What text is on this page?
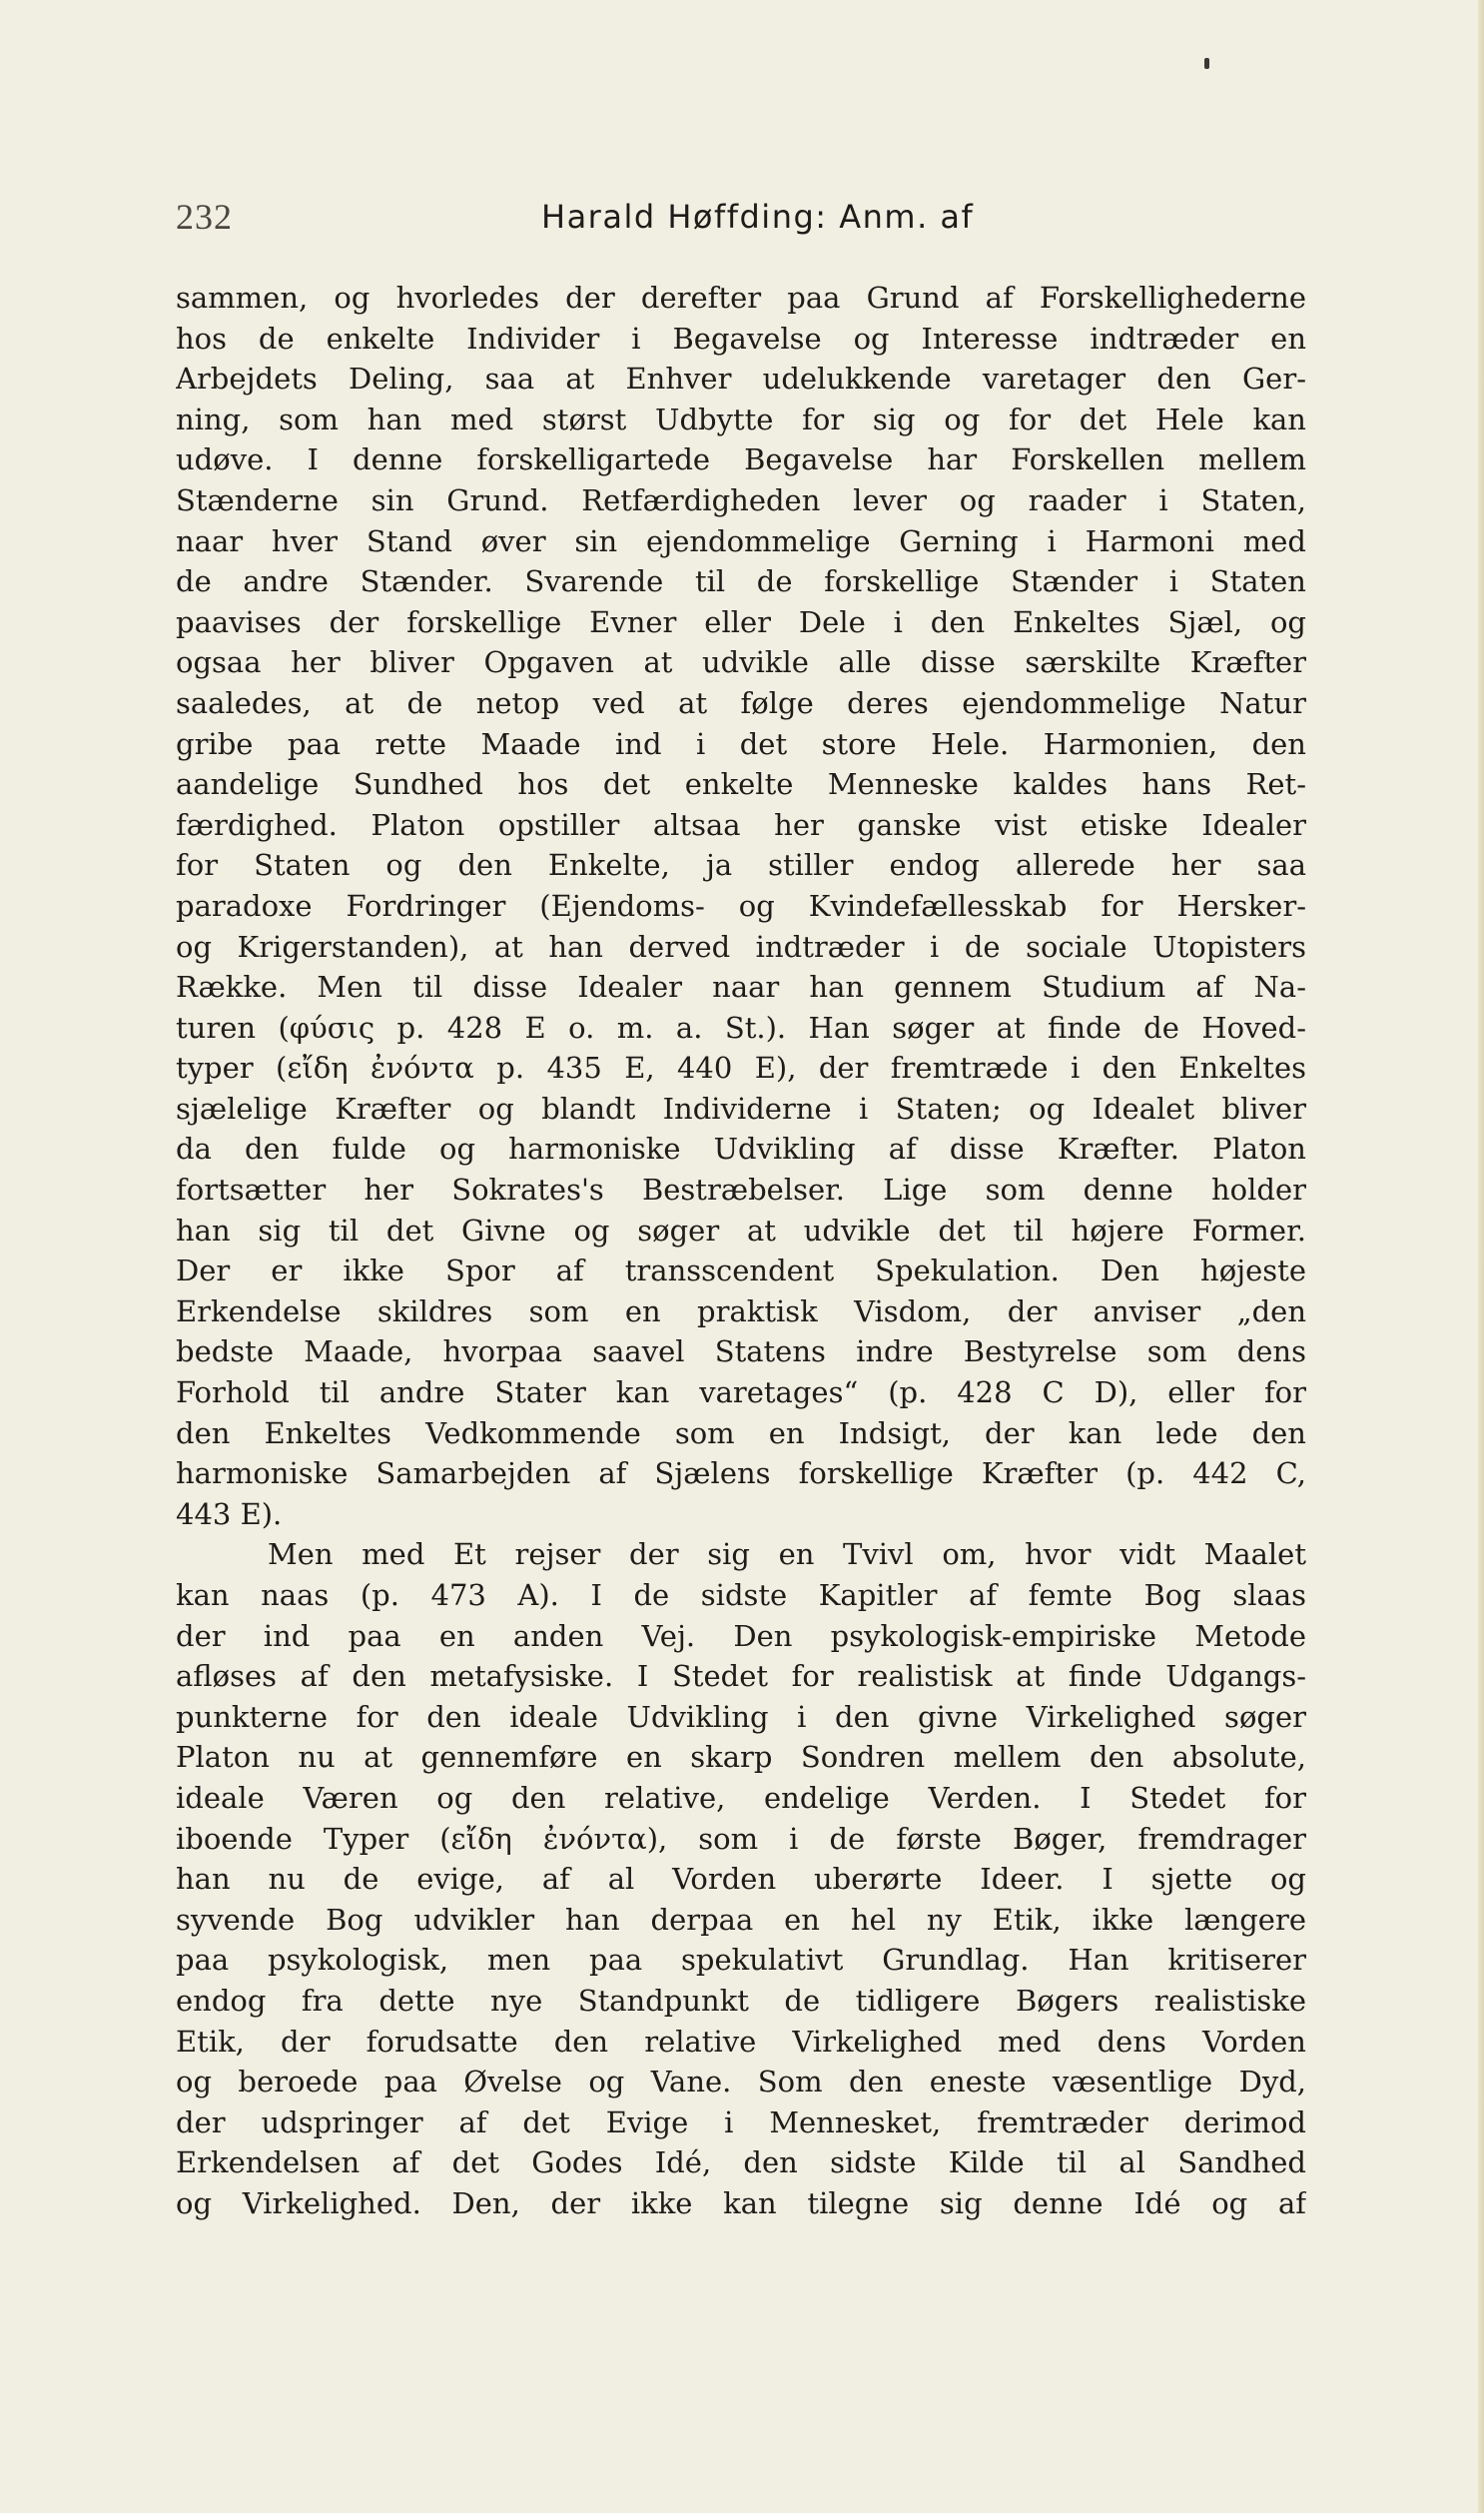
232	Harald Høffding: Anm. af
sammen, og hvorledes der derefter paa Grund af Forskellighederne
hos de enkelte Individer i Begavelse og Interesse indtræder en
Arbejdets Deling, saa at Enhver udelukkende varetager den Ger-
ning, som han med størst Udbytte for sig og for det Hele kan
udøve. I denne forskelligartede Begavelse har Forskellen mellem
Stænderne sin Grund. Retfærdigheden lever og raader i Staten,
naar hver Stand øver sin ejendommelige Gerning i Harmoni med
de andre Stænder. Svarende til de forskellige Stænder i Staten
paavises der forskellige Evner eller Dele i den Enkeltes Sjæl, og
ogsaa her bliver Opgaven at udvikle alle disse særskilte Kræfter
saaledes, at de netop ved at følge deres ejendommelige Natur
gribe paa rette Maade ind i det store Hele. Harmonien, den
aandelige Sundhed hos det enkelte Menneske kaldes hans Ret-
færdighed. Platon opstiller altsaa her ganske vist etiske Idealer
for Staten og den Enkelte, ja stiller endog allerede her saa
paradoxe Fordringer (Ejendoms- og Kvindefællesskab for Hersker-
og Krigerstanden), at han derved indtræder i de sociale Utopisters
Række. Men til disse Idealer naar han gennem Studium af Na-
turen (φύσις p. 428 E o. m. a. St.). Han søger at finde de Hoved-
typer (εἴδη ἐνόντα p. 435 E, 440 E), der fremtræde i den Enkeltes
sjælelige Kræfter og blandt Individerne i Staten; og Idealet bliver
da den fulde og harmoniske Udvikling af disse Kræfter. Platon
fortsætter her Sokrates's Bestræbelser. Lige som denne holder
han sig til det Givne og søger at udvikle det til højere Former.
Der er ikke Spor af transscendent Spekulation. Den højeste
Erkendelse skildres som en praktisk Visdom, der anviser „den
bedste Maade, hvorpaa saavel Statens indre Bestyrelse som dens
Forhold til andre Stater kan varetages“ (p. 428 C D), eller for
den Enkeltes Vedkommende som en Indsigt, der kan lede den
harmoniske Samarbejden af Sjælens forskellige Kræfter (p. 442 C,
443 E).
Men med Et rejser der sig en Tvivl om, hvor vidt Maalet
kan naas (p. 473 A). I de sidste Kapitler af femte Bog slaas
der ind paa en anden Vej. Den psykologisk-empiriske Metode
afløses af den metafysiske. I Stedet for realistisk at finde Udgangs-
punkterne for den ideale Udvikling i den givne Virkelighed søger
Platon nu at gennemføre en skarp Sondren mellem den absolute,
ideale Væren og den relative, endelige Verden. I Stedet for
iboende Typer (εἴδη ἐνόντα), som i de første Bøger, fremdrager
han nu de evige, af al Vorden uberørte Ideer. I sjette og
syvende Bog udvikler han derpaa en hel ny Etik, ikke længere
paa psykologisk, men paa spekulativt Grundlag. Han kritiserer
endog fra dette nye Standpunkt de tidligere Bøgers realistiske
Etik, der forudsatte den relative Virkelighed med dens Vorden
og beroede paa Øvelse og Vane. Som den eneste væsentlige Dyd,
der udspringer af det Evige i Mennesket, fremtræder derimod
Erkendelsen af det Godes Idé, den sidste Kilde til al Sandhed
og Virkelighed. Den, der ikke kan tilegne sig denne Idé og af
